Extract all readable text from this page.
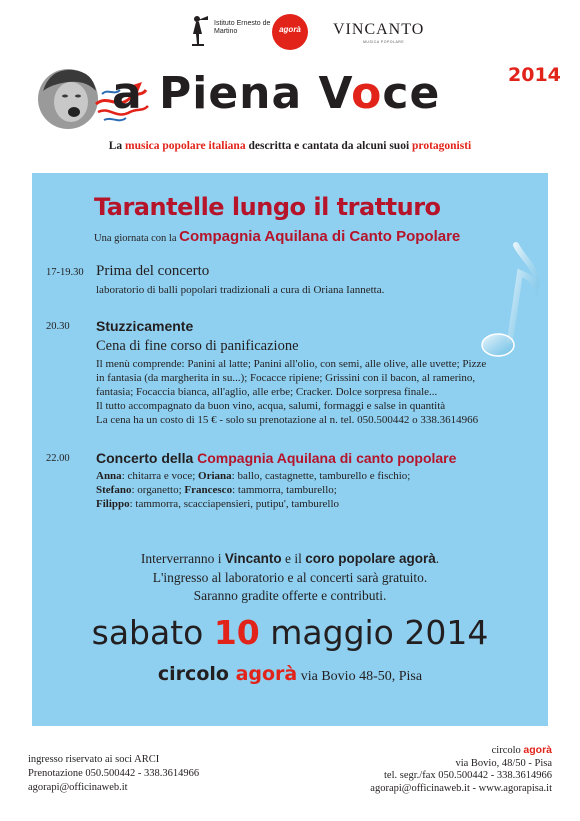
Istituto Ernesto de Martino	agorà	VINCANTO
MUSICA POPOLARE
a Piena Voce	2014
La musica popolare italiana descritta e cantata da alcuni suoi protagonisti
Tarantelle lungo il tratturo
Una giornata con la Compagnia Aquilana di Canto Popolare
17-19.30 Prima del concerto
laboratorio di balli popolari tradizionali a cura di Oriana Iannetta.
20.30 Stuzzicamente
Cena di fine corso di panificazione
Il menù comprende: Panini al latte; Panini all'olio, con semi, alle olive, alle uvette; Pizze
in fantasia (da margherita in su...); Focacce ripiene; Grissini con il bacon, al ramerino,
fantasia; Focaccia bianca, all'aglio, alle erbe; Cracker. Dolce sorpresa finale...
Il tutto accompagnato da buon vino, acqua, salumi, formaggi e salse in quantità
La cena ha un costo di 15 € - solo su prenotazione al n. tel. 050.500442 o 338.3614966
22.00 Concerto della Compagnia Aquilana di canto popolare
Anna: chitarra e voce; Oriana: ballo, castagnette, tamburello e fischio;
Stefano: organetto; Francesco: tammorra, tamburello;
Filippo: tammorra, scacciapensieri, putipu', tamburello
Interverranno i Vincanto e il coro popolare agorà.
L'ingresso al laboratorio e al concerti sarà gratuito.
Saranno gradite offerte e contributi.
sabato 10 maggio 2014
circolo agorà via Bovio 48-50, Pisa
ingresso riservato ai soci ARCI
Prenotazione 050.500442 - 338.3614966
agorapi@officinaweb.it
circolo agorà
via Bovio, 48/50 - Pisa
tel. segr./fax 050.500442 - 338.3614966
agorapi@officinaweb.it - www.agorapisa.it
